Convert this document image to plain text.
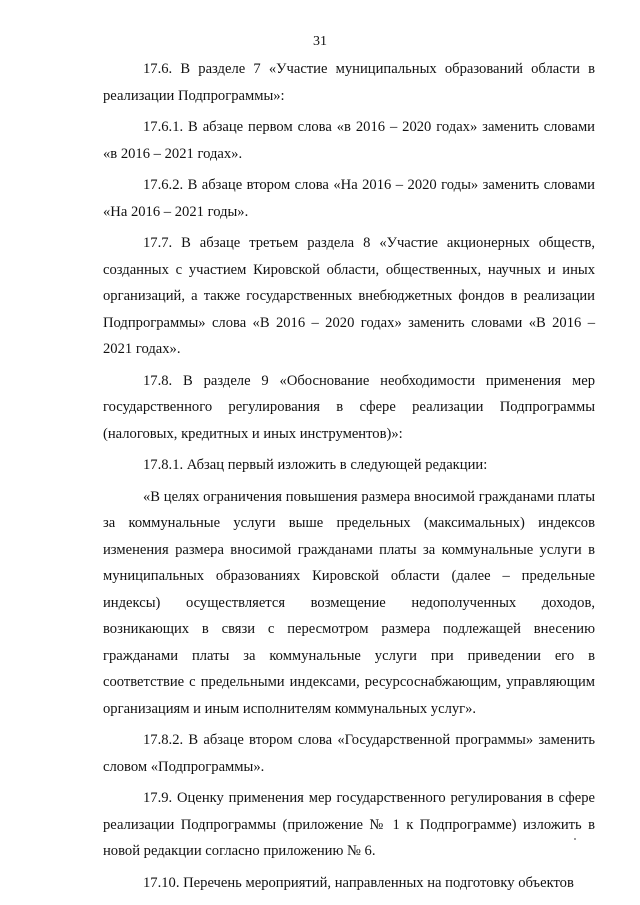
31

17.6. В разделе 7 «Участие муниципальных образований области в реализации Подпрограммы»:

17.6.1. В абзаце первом слова «в 2016 – 2020 годах» заменить словами «в 2016 – 2021 годах».

17.6.2. В абзаце втором слова «На 2016 – 2020 годы» заменить словами «На 2016 – 2021 годы».

17.7. В абзаце третьем раздела 8 «Участие акционерных обществ, созданных с участием Кировской области, общественных, научных и иных организаций, а также государственных внебюджетных фондов в реализации Подпрограммы» слова «В 2016 – 2020 годах» заменить словами «В 2016 – 2021 годах».

17.8. В разделе 9 «Обоснование необходимости применения мер государственного регулирования в сфере реализации Подпрограммы (налоговых, кредитных и иных инструментов)»:

17.8.1. Абзац первый изложить в следующей редакции:

«В целях ограничения повышения размера вносимой гражданами платы за коммунальные услуги выше предельных (максимальных) индексов изменения размера вносимой гражданами платы за коммунальные услуги в муниципальных образованиях Кировской области (далее – предельные индексы) осуществляется возмещение недополученных доходов, возникающих в связи с пересмотром размера подлежащей внесению гражданами платы за коммунальные услуги при приведении его в соответствие с предельными индексами, ресурсоснабжающим, управляющим организациям и иным исполнителям коммунальных услуг».

17.8.2. В абзаце втором слова «Государственной программы» заменить словом «Подпрограммы».

17.9. Оценку применения мер государственного регулирования в сфере реализации Подпрограммы (приложение № 1 к Подпрограмме) изложить в новой редакции согласно приложению № 6.

17.10. Перечень мероприятий, направленных на подготовку объектов
